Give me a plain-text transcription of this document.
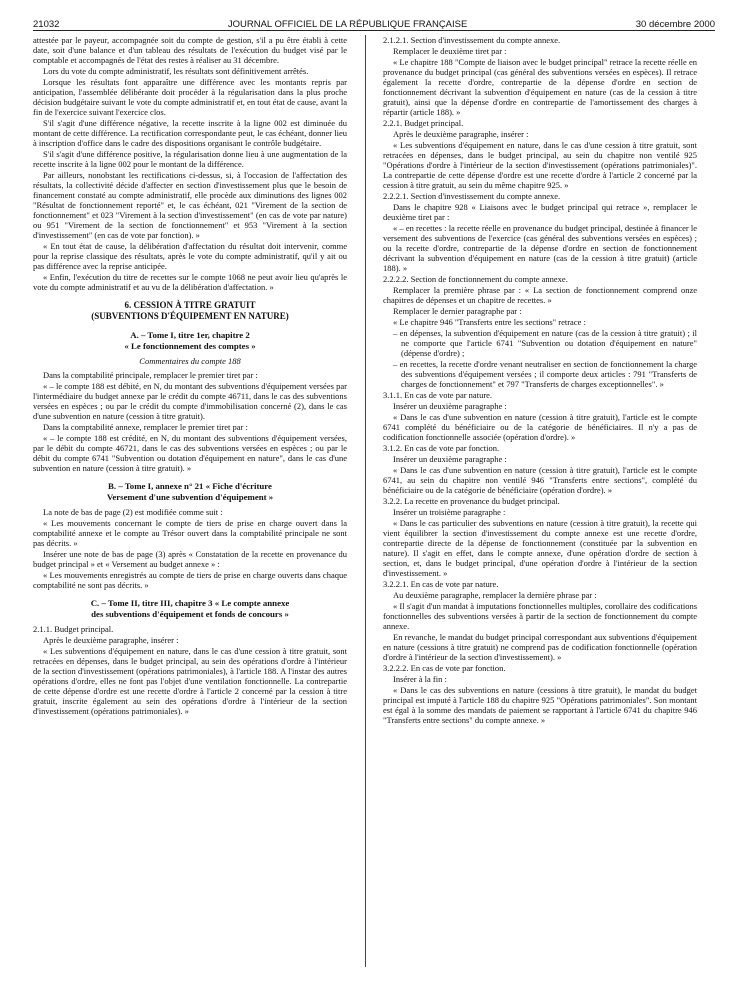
21032	JOURNAL OFFICIEL DE LA RÉPUBLIQUE FRANÇAISE	30 décembre 2000

attestée par le payeur, accompagnée soit du compte de gestion, s'il a pu être établi à cette date, soit d'une balance et d'un tableau des résultats de l'exécution du budget visé par le comptable et accompagnés de l'état des restes à réaliser au 31 décembre.

Lors du vote du compte administratif, les résultats sont définitivement arrêtés.

Lorsque les résultats font apparaître une différence avec les montants repris par anticipation, l'assemblée délibérante doit procéder à la régularisation dans la plus proche décision budgétaire suivant le vote du compte administratif et, en tout état de cause, avant la fin de l'exercice suivant l'exercice clos.

S'il s'agit d'une différence négative, la recette inscrite à la ligne 002 est diminuée du montant de cette différence. La rectification correspondante peut, le cas échéant, donner lieu à inscription d'office dans le cadre des dispositions organisant le contrôle budgétaire.

S'il s'agit d'une différence positive, la régularisation donne lieu à une augmentation de la recette inscrite à la ligne 002 pour le montant de la différence.

Par ailleurs, nonobstant les rectifications ci-dessus, si, à l'occasion de l'affectation des résultats, la collectivité décide d'affecter en section d'investissement plus que le besoin de financement constaté au compte administratif, elle procède aux diminutions des lignes 002 "Résultat de fonctionnement reporté" et, le cas échéant, 021 "Virement de la section de fonctionnement" et 023 "Virement à la section d'investissement" (en cas de vote par nature) ou 951 "Virement de la section de fonctionnement" et 953 "Virement à la section d'investissement" (en cas de vote par fonction). »

« En tout état de cause, la délibération d'affectation du résultat doit intervenir, comme pour la reprise classique des résultats, après le vote du compte administratif, qu'il y ait ou pas différence avec la reprise anticipée.

« Enfin, l'exécution du titre de recettes sur le compte 1068 ne peut avoir lieu qu'après le vote du compte administratif et au vu de la délibération d'affectation. »

6. CESSION À TITRE GRATUIT
(SUBVENTIONS D'ÉQUIPEMENT EN NATURE)
A. – Tome I, titre 1er, chapitre 2
« Le fonctionnement des comptes »
Commentaires du compte 188

Dans la comptabilité principale, remplacer le premier tiret par :

« – le compte 188 est débité, en N, du montant des subventions d'équipement versées par l'intermédiaire du budget annexe par le crédit du compte 46711, dans le cas des subventions versées en espèces ; ou par le crédit du compte d'immobilisation concerné (2), dans le cas d'une subvention en nature (cession à titre gratuit).

Dans la comptabilité annexe, remplacer le premier tiret par :

« – le compte 188 est crédité, en N, du montant des subventions d'équipement versées, par le débit du compte 46721, dans le cas des subventions versées en espèces ; ou par le débit du compte 6741 "Subvention ou dotation d'équipement en nature", dans le cas d'une subvention en nature (cession à titre gratuit). »

B. – Tome I, annexe n° 21 « Fiche d'écriture
Versement d'une subvention d'équipement »

La note de bas de page (2) est modifiée comme suit :

« Les mouvements concernant le compte de tiers de prise en charge ouvert dans la comptabilité annexe et le compte au Trésor ouvert dans la comptabilité principale ne sont pas décrits. »

Insérer une note de bas de page (3) après « Constatation de la recette en provenance du budget principal » et « Versement au budget annexe » :

« Les mouvements enregistrés au compte de tiers de prise en charge ouverts dans chaque comptabilité ne sont pas décrits. »

C. – Tome II, titre III, chapitre 3 « Le compte annexe
des subventions d'équipement et fonds de concours »

2.1.1. Budget principal.

Après le deuxième paragraphe, insérer :

« Les subventions d'équipement en nature, dans le cas d'une cession à titre gratuit, sont retracées en dépenses, dans le budget principal, au sein des opérations d'ordre à l'intérieur de la section d'investissement (opérations patrimoniales), à l'article 188. A l'instar des autres opérations d'ordre, elles ne font pas l'objet d'une ventilation fonctionnelle. La contrepartie de cette dépense d'ordre est une recette d'ordre à l'article 2 concerné par la cession à titre gratuit, inscrite également au sein des opérations d'ordre à l'intérieur de la section d'investissement (opérations patrimoniales). »

2.1.2.1. Section d'investissement du compte annexe.

Remplacer le deuxième tiret par :

« Le chapitre 188 "Compte de liaison avec le budget principal" retrace la recette réelle en provenance du budget principal (cas général des subventions versées en espèces). Il retrace également la recette d'ordre, contrepartie de la dépense d'ordre en section de fonctionnement décrivant la subvention d'équipement en nature (cas de la cession à titre gratuit), ainsi que la dépense d'ordre en contrepartie de l'amortissement des charges à répartir (article 188). »

2.2.1. Budget principal.

Après le deuxième paragraphe, insérer :

« Les subventions d'équipement en nature, dans le cas d'une cession à titre gratuit, sont retracées en dépenses, dans le budget principal, au sein du chapitre non ventilé 925 "Opérations d'ordre à l'intérieur de la section d'investissement (opérations patrimoniales)". La contrepartie de cette dépense d'ordre est une recette d'ordre à l'article 2 concerné par la cession à titre gratuit, au sein du même chapitre 925. »

2.2.2.1. Section d'investissement du compte annexe.

Dans le chapitre 928 « Liaisons avec le budget principal qui retrace », remplacer le deuxième tiret par :

« – en recettes : la recette réelle en provenance du budget principal, destinée à financer le versement des subventions de l'exercice (cas général des subventions versées en espèces) ; ou la recette d'ordre, contrepartie de la dépense d'ordre en section de fonctionnement décrivant la subvention d'équipement en nature (cas de la cession à titre gratuit) (article 188). »

2.2.2.2. Section de fonctionnement du compte annexe.

Remplacer la première phrase par : « La section de fonctionnement comprend onze chapitres de dépenses et un chapitre de recettes. »

Remplacer le dernier paragraphe par :

« Le chapitre 946 "Transferts entre les sections" retrace :

– en dépenses, la subvention d'équipement en nature (cas de la cession à titre gratuit) ; il ne comporte que l'article 6741 "Subvention ou dotation d'équipement en nature" (dépense d'ordre) ;

– en recettes, la recette d'ordre venant neutraliser en section de fonctionnement la charge des subventions d'équipement versées ; il comporte deux articles : 791 "Transferts de charges de fonctionnement" et 797 "Transferts de charges exceptionnelles". »

3.1.1. En cas de vote par nature.

Insérer un deuxième paragraphe :

« Dans le cas d'une subvention en nature (cession à titre gratuit), l'article est le compte 6741 complété du bénéficiaire ou de la catégorie de bénéficiaires. Il n'y a pas de codification fonctionnelle associée (opération d'ordre). »

3.1.2. En cas de vote par fonction.

Insérer un deuxième paragraphe :

« Dans le cas d'une subvention en nature (cession à titre gratuit), l'article est le compte 6741, au sein du chapitre non ventilé 946 "Transferts entre sections", complété du bénéficiaire ou de la catégorie de bénéficiaire (opération d'ordre). »

3.2.2. La recette en provenance du budget principal.

Insérer un troisième paragraphe :

« Dans le cas particulier des subventions en nature (cession à titre gratuit), la recette qui vient équilibrer la section d'investissement du compte annexe est une recette d'ordre, contrepartie directe de la dépense de fonctionnement (constituée par la subvention en nature). Il s'agit en effet, dans le compte annexe, d'une opération d'ordre de section à section, et, dans le budget principal, d'une opération d'ordre à l'intérieur de la section d'investissement. »

3.2.2.1. En cas de vote par nature.

Au deuxième paragraphe, remplacer la dernière phrase par :

« Il s'agit d'un mandat à imputations fonctionnelles multiples, corollaire des codifications fonctionnelles des subventions versées à partir de la section de fonctionnement du compte annexe.

En revanche, le mandat du budget principal correspondant aux subventions d'équipement en nature (cessions à titre gratuit) ne comprend pas de codification fonctionnelle (opération d'ordre à l'intérieur de la section d'investissement). »

3.2.2.2. En cas de vote par fonction.

Insérer à la fin :

« Dans le cas des subventions en nature (cessions à titre gratuit), le mandat du budget principal est imputé à l'article 188 du chapitre 925 "Opérations patrimoniales". Son montant est égal à la somme des mandats de paiement se rapportant à l'article 6741 du chapitre 946 "Transferts entre sections" du compte annexe. »
